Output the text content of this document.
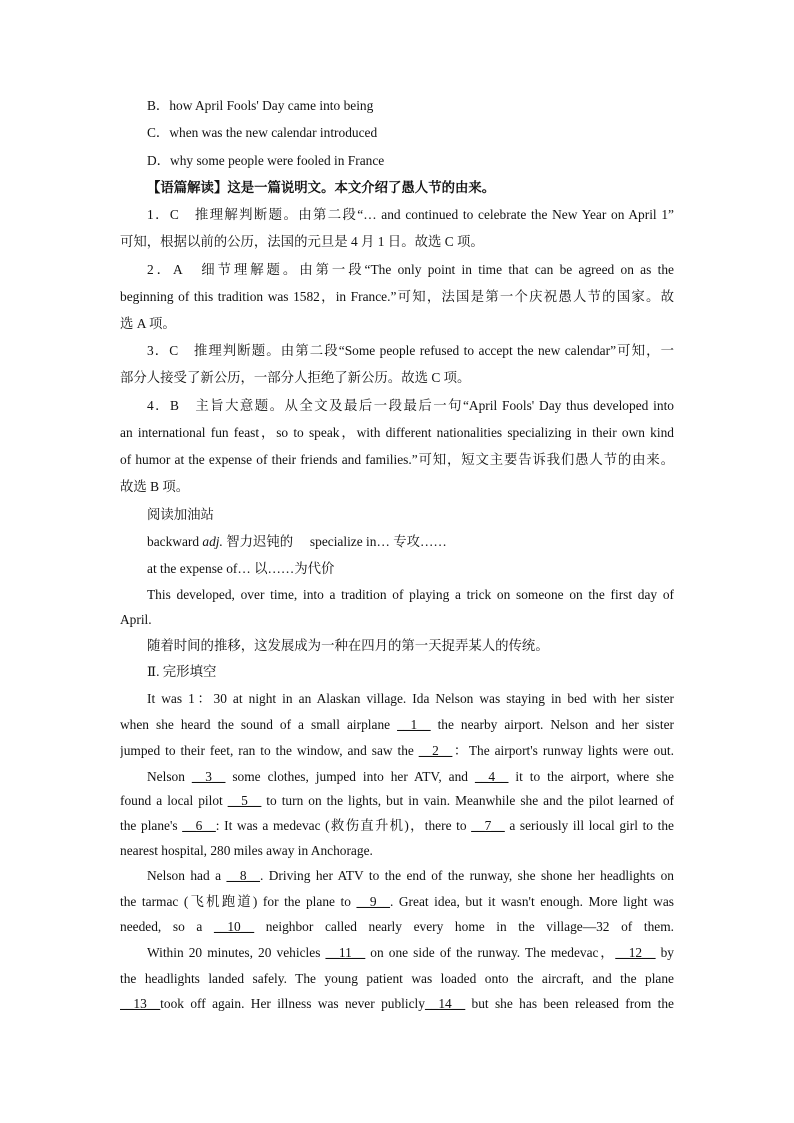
B．how April Fools' Day came into being
C．when was the new calendar introduced
D．why some people were fooled in France
【语篇解读】这是一篇说明文。本文介绍了愚人节的由来。
1．C　推理解判断题。由第二段“… and continued to celebrate the New Year on April 1”
可知，根据以前的公历，法国的元旦是 4 月 1 日。故选 C 项。
2．A　细节理解题。由第一段“The only point in time that can be agreed on as the
beginning of this tradition was 1582，in France.”可知，法国是第一个庆祝愚人节的国家。故
选 A 项。
3．C　推理判断题。由第二段“Some people refused to accept the new calendar”可知，一
部分人接受了新公历，一部分人拒绝了新公历。故选 C 项。
4．B　主旨大意题。从全文及最后一段最后一句“April Fools' Day thus developed into
an international fun feast，so to speak，with different nationalities specializing in their own kind
of humor at the expense of their friends and families.”可知，短文主要告诉我们愚人节的由来。
故选 B 项。
阅读加油站
backward adj. 智力迟钝的　 specialize in… 专攻……
at the expense of… 以……为代价
This developed, over time, into a tradition of playing a trick on someone on the first day of
April.
随着时间的推移，这发展成为一种在四月的第一天捉弄某人的传统。
Ⅱ. 完形填空
It was 1：30 at night in an Alaskan village. Ida Nelson was staying in bed with her sister
when she heard the sound of a small airplane __1__ the nearby airport. Nelson and her sister
jumped to their feet, ran to the window, and saw the __2__：The airport's runway lights were out.
Nelson __3__ some clothes, jumped into her ATV, and __4__ it to the airport, where she
found a local pilot __5__ to turn on the lights, but in vain. Meanwhile she and the pilot learned of
the plane's __6__: It was a medevac (救伤直升机)，there to __7__ a seriously ill local girl to the
nearest hospital, 280 miles away in Anchorage.
Nelson had a __8__. Driving her ATV to the end of the runway, she shone her headlights on
the tarmac (飞机跑道) for the plane to __9__. Great idea, but it wasn't enough. More light was
needed, so a __10__ neighbor called nearly every home in the village—32 of them.
Within 20 minutes, 20 vehicles __11__ on one side of the runway. The medevac，__12__ by
the headlights landed safely. The young patient was loaded onto the aircraft, and the plane
__13__took off again. Her illness was never publicly__14__ but she has been released from the
